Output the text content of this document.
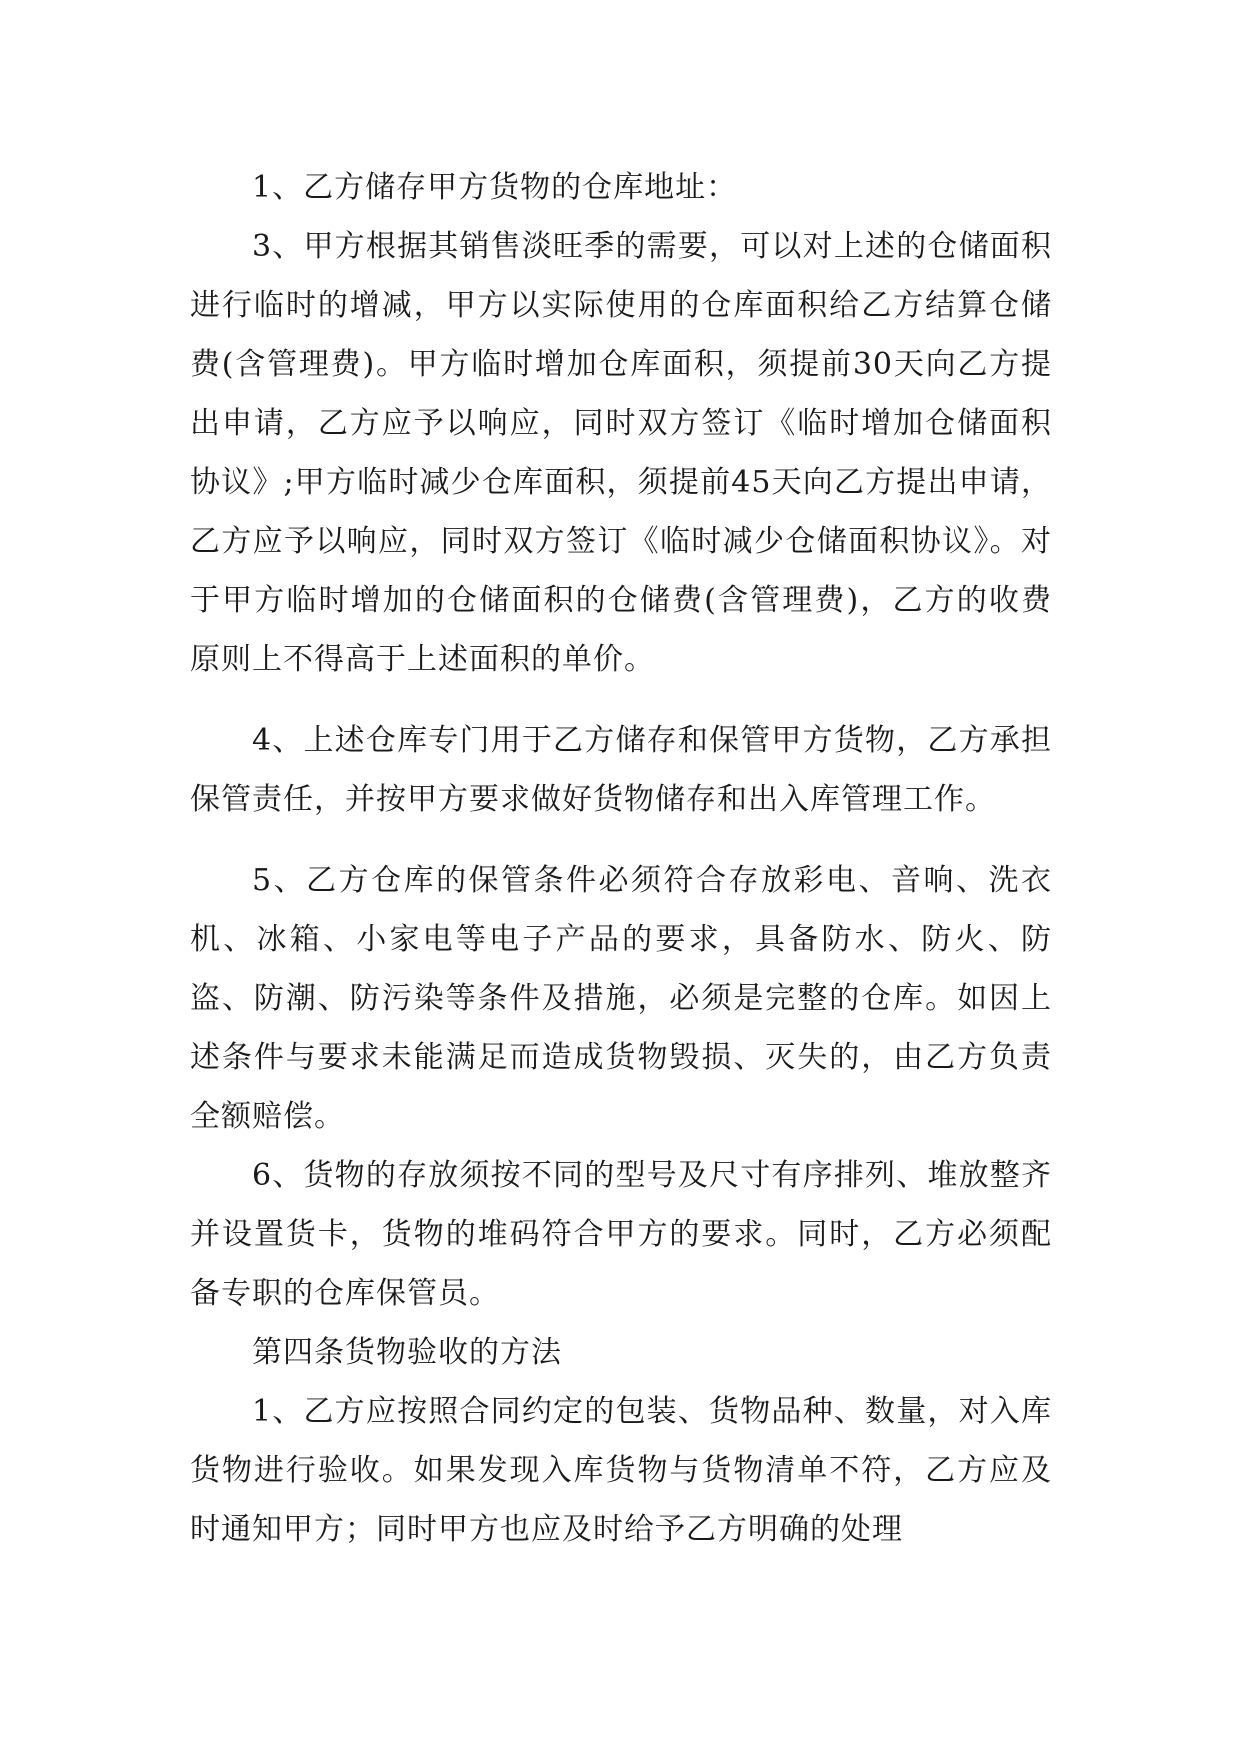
1、乙方储存甲方货物的仓库地址：

3、甲方根据其销售淡旺季的需要，可以对上述的仓储面积进行临时的增减，甲方以实际使用的仓库面积给乙方结算仓储费(含管理费)。甲方临时增加仓库面积，须提前30天向乙方提出申请，乙方应予以响应，同时双方签订《临时增加仓储面积协议》;甲方临时减少仓库面积，须提前45天向乙方提出申请，乙方应予以响应，同时双方签订《临时减少仓储面积协议》。对于甲方临时增加的仓储面积的仓储费(含管理费)，乙方的收费原则上不得高于上述面积的单价。

4、上述仓库专门用于乙方储存和保管甲方货物，乙方承担保管责任，并按甲方要求做好货物储存和出入库管理工作。

5、乙方仓库的保管条件必须符合存放彩电、音响、洗衣机、冰箱、小家电等电子产品的要求，具备防水、防火、防盗、防潮、防污染等条件及措施，必须是完整的仓库。如因上述条件与要求未能满足而造成货物毁损、灭失的，由乙方负责全额赔偿。

6、货物的存放须按不同的型号及尺寸有序排列、堆放整齐并设置货卡，货物的堆码符合甲方的要求。同时，乙方必须配备专职的仓库保管员。

第四条货物验收的方法

1、乙方应按照合同约定的包装、货物品种、数量，对入库货物进行验收。如果发现入库货物与货物清单不符，乙方应及时通知甲方；同时甲方也应及时给予乙方明确的处理
